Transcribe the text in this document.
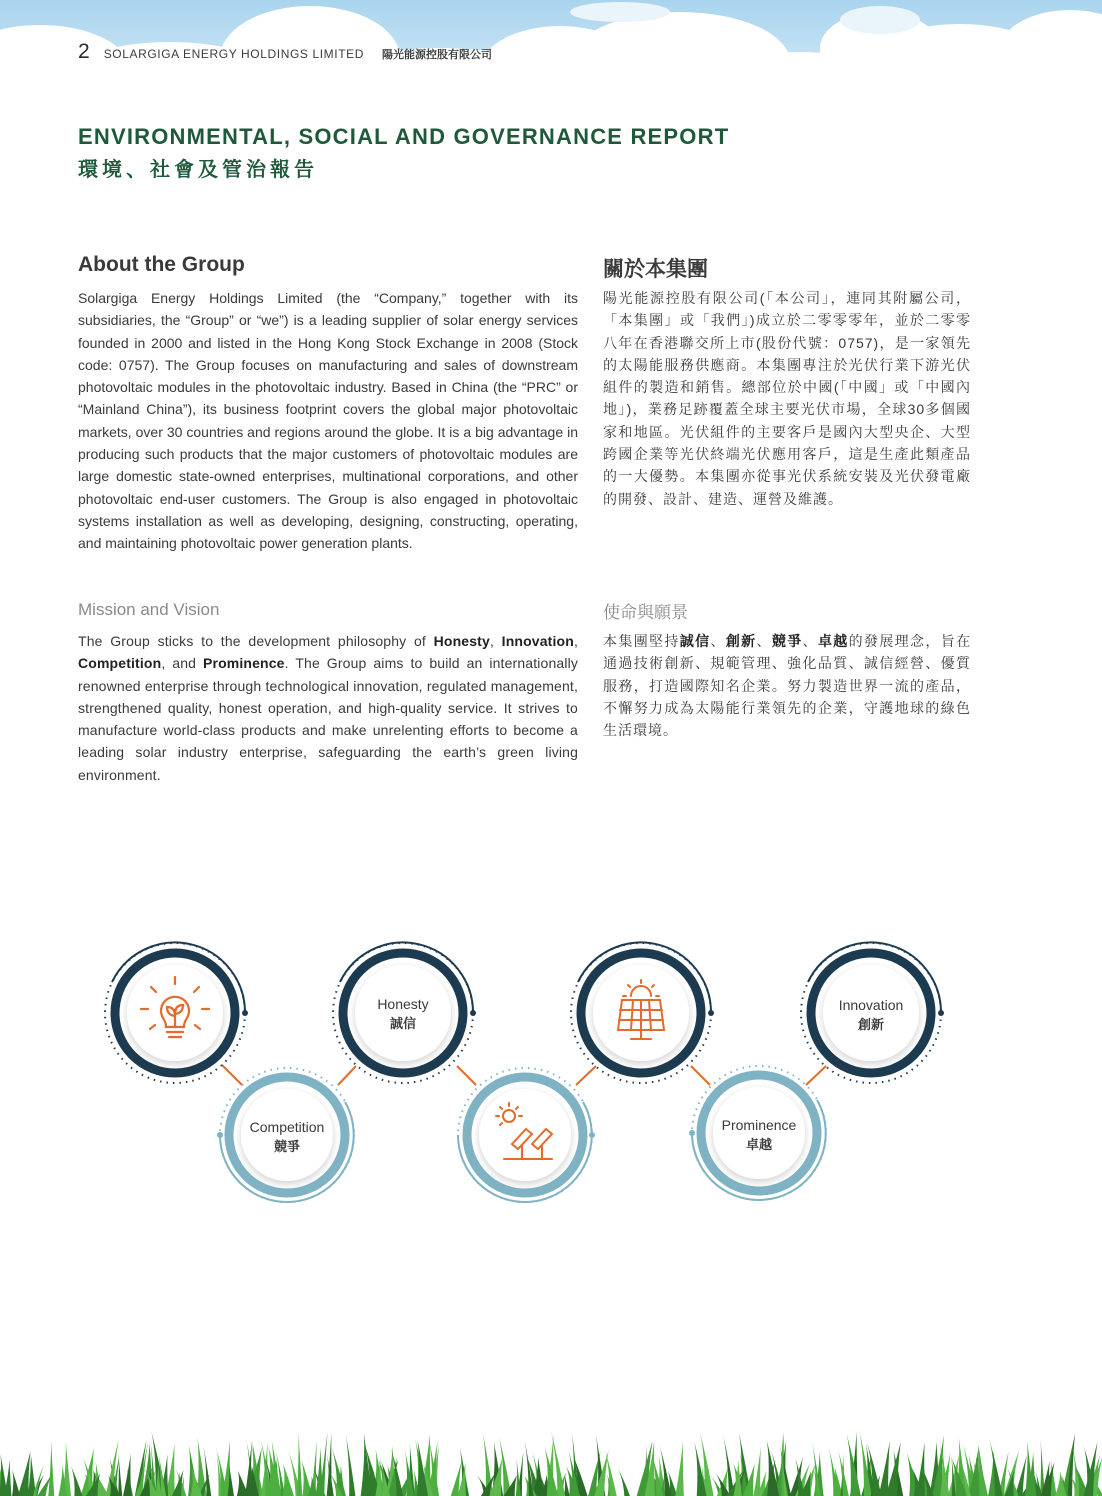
2 SOLARGIGA ENERGY HOLDINGS LIMITED 陽光能源控股有限公司
ENVIRONMENTAL, SOCIAL AND GOVERNANCE REPORT
環境、社會及管治報告
About the Group	關於本集團
Solargiga Energy Holdings Limited (the “Company,” together with its subsidiaries, the “Group” or “we”) is a leading supplier of solar energy services founded in 2000 and listed in the Hong Kong Stock Exchange in 2008 (Stock code: 0757). The Group focuses on manufacturing and sales of downstream photovoltaic modules in the photovoltaic industry. Based in China (the “PRC” or “Mainland China”), its business footprint covers the global major photovoltaic markets, over 30 countries and regions around the globe. It is a big advantage in producing such products that the major customers of photovoltaic modules are large domestic state-owned enterprises, multinational corporations, and other photovoltaic end-user customers. The Group is also engaged in photovoltaic systems installation as well as developing, designing, constructing, operating, and maintaining photovoltaic power generation plants.
陽光能源控股有限公司(「本公司」，連同其附屬公司，「本集團」或「我們」)成立於二零零零年，並於二零零八年在香港聯交所上市(股份代號：0757)，是一家領先的太陽能服務供應商。本集團專注於光伏行業下游光伏組件的製造和銷售。總部位於中國(「中國」或「中國內地」)，業務足跡覆蓋全球主要光伏市場，全球30多個國家和地區。光伏組件的主要客戶是國內大型央企、大型跨國企業等光伏終端光伏應用客戶，這是生產此類產品的一大優勢。本集團亦從事光伏系統安裝及光伏發電廠的開發、設計、建造、運營及維護。
Mission and Vision	使命與願景
The Group sticks to the development philosophy of Honesty, Innovation, Competition, and Prominence. The Group aims to build an internationally renowned enterprise through technological innovation, regulated management, strengthened quality, honest operation, and high-quality service. It strives to manufacture world-class products and make unrelenting efforts to become a leading solar industry enterprise, safeguarding the earth’s green living environment.
本集團堅持誠信、創新、競爭、卓越的發展理念，旨在通過技術創新、規範管理、強化品質、誠信經營、優質服務，打造國際知名企業。努力製造世界一流的產品，不懈努力成為太陽能行業領先的企業，守護地球的綠色生活環境。
Competition
競爭
Honesty
誠信
Prominence
卓越
Innovation
創新
